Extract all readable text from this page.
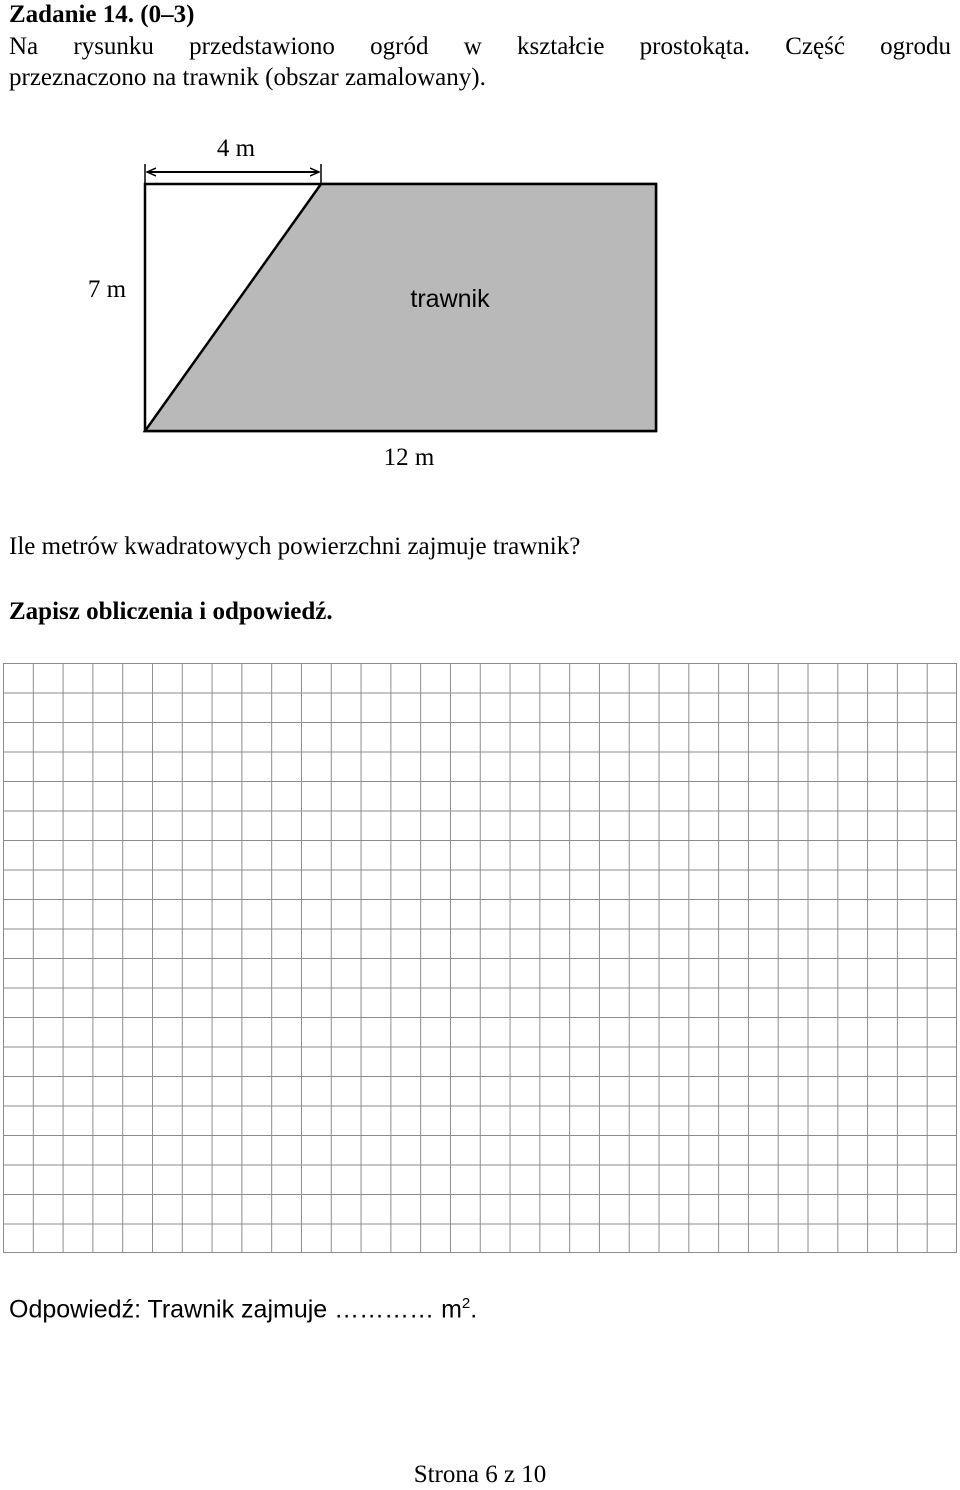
Zadanie 14. (0–3)
Na rysunku przedstawiono ogród w kształcie prostokąta. Część ogrodu
przeznaczono na trawnik (obszar zamalowany).
4 m
7 m	trawnik
12 m
Ile metrów kwadratowych powierzchni zajmuje trawnik?
Zapisz obliczenia i odpowiedź.
Odpowiedź: Trawnik zajmuje ………… $m^2$.
Strona 6 z 10
